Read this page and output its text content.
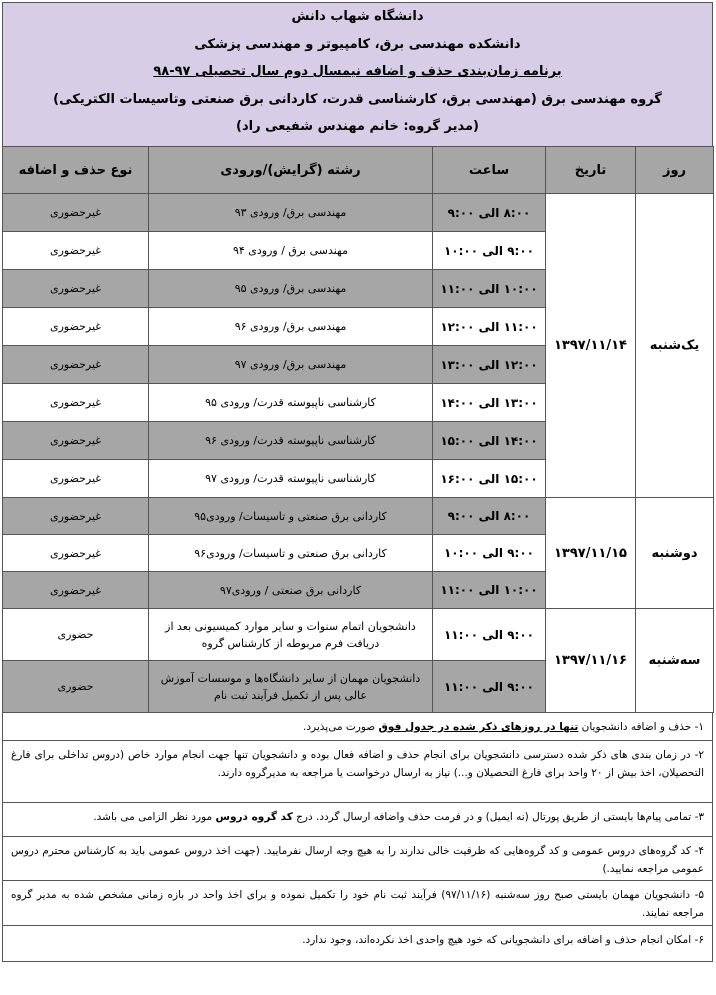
دانشگاه شهاب دانش
دانشکده مهندسی برق، کامپیوتر و مهندسی پزشکی
برنامه زمان‌بندی حذف و اضافه نیمسال دوم سال تحصیلی ۹۷-۹۸
گروه مهندسی برق (مهندسی برق، کارشناسی قدرت، کاردانی برق صنعتی وتاسیسات الکتریکی)
(مدیر گروه: خانم مهندس شفیعی راد)
روز	تاریخ	ساعت	رشته (گرایش)/ورودی	نوع حذف و اضافه
یک‌شنبه	۱۳۹۷/۱۱/۱۴	۸:۰۰ الی ۹:۰۰	مهندسی برق/ ورودی ۹۳	غیرحضوری
		۹:۰۰ الی ۱۰:۰۰	مهندسی برق / ورودی ۹۴	غیرحضوری
		۱۰:۰۰ الی ۱۱:۰۰	مهندسی برق/ ورودی ۹۵	غیرحضوری
		۱۱:۰۰ الی ۱۲:۰۰	مهندسی برق/ ورودی ۹۶	غیرحضوری
		۱۲:۰۰ الی ۱۳:۰۰	مهندسی برق/ ورودی ۹۷	غیرحضوری
		۱۳:۰۰ الی ۱۴:۰۰	کارشناسی ناپیوسته قدرت/ ورودی ۹۵	غیرحضوری
		۱۴:۰۰ الی ۱۵:۰۰	کارشناسی ناپیوسته قدرت/ ورودی ۹۶	غیرحضوری
		۱۵:۰۰ الی ۱۶:۰۰	کارشناسی ناپیوسته قدرت/ ورودی ۹۷	غیرحضوری
دوشنبه	۱۳۹۷/۱۱/۱۵	۸:۰۰ الی ۹:۰۰	کاردانی برق صنعتی و تاسیسات/ ورودی۹۵	غیرحضوری
		۹:۰۰ الی ۱۰:۰۰	کاردانی برق صنعتی و تاسیسات/ ورودی۹۶	غیرحضوری
		۱۰:۰۰ الی ۱۱:۰۰	کاردانی برق صنعتی / ورودی۹۷	غیرحضوری
سه‌شنبه	۱۳۹۷/۱۱/۱۶	۹:۰۰ الی ۱۱:۰۰	دانشجویان اتمام سنوات و سایر موارد کمیسیونی بعد از دریافت فرم مربوطه از کارشناس گروه	حضوری
		۹:۰۰ الی ۱۱:۰۰	دانشجویان مهمان از سایر دانشگاه‌ها و موسسات آموزش عالی پس از تکمیل فرآیند ثبت نام	حضوری
۱- حذف و اضافه دانشجویان تنها در روزهای ذکر شده در جدول فوق صورت می‌پذیرد.
۲- در زمان بندی های ذکر شده دسترسی دانشجویان برای انجام حذف و اضافه فعال بوده و دانشجویان تنها جهت انجام موارد خاص (دروس تداخلی برای فارغ التحصیلان، اخذ بیش از ۲۰ واحد برای فارغ التحصیلان و...) نیاز به ارسال درخواست یا مراجعه به مدیرگروه دارند.
۳- تمامی پیام‌ها بایستی از طریق پورتال (نه ایمیل) و در فرمت حذف واضافه ارسال گردد. درج کد گروه دروس مورد نظر الزامی می باشد.
۴- کد گروه‌های دروس عمومی و کد گروه‌هایی که ظرفیت خالی ندارند را به هیچ وجه ارسال نفرمایید. (جهت اخذ دروس عمومی باید به کارشناس محترم دروس عمومی مراجعه نمایید.)
۵- دانشجویان مهمان بایستی صبح روز سه‌شنبه (۹۷/۱۱/۱۶) فرآیند ثبت نام خود را تکمیل نموده و برای اخذ واحد در بازه زمانی مشخص شده به مدیر گروه مراجعه نمایند.
۶- امکان انجام حذف و اضافه برای دانشجویانی که خود هیچ واحدی اخذ نکرده‌اند، وجود ندارد.
